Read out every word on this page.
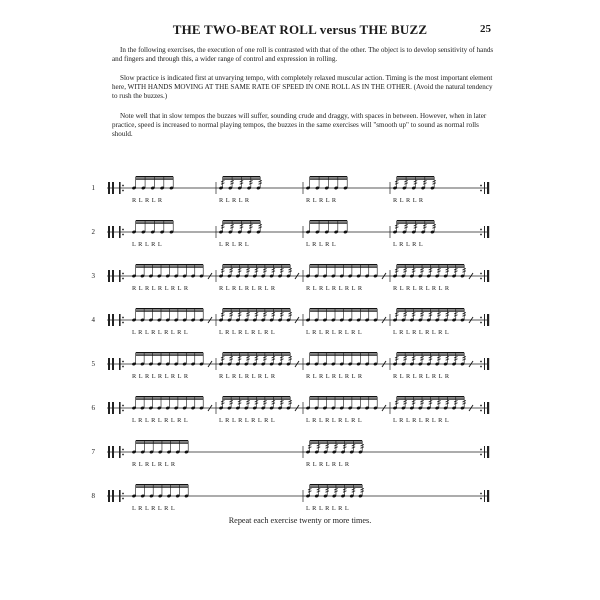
THE TWO-BEAT ROLL versus THE BUZZ	25

In the following exercises, the execution of one roll is contrasted with that of the other. The object is to develop sensitivity of hands and fingers and through this, a wider range of control and expression in rolling.

Slow practice is indicated first at unvarying tempo, with completely relaxed muscular action. Timing is the most important element here, WITH HANDS MOVING AT THE SAME RATE OF SPEED IN ONE ROLL AS IN THE OTHER. (Avoid the natural tendency to rush the buzzes.)

Note well that in slow tempos the buzzes will suffer, sounding crude and draggy, with spaces in between. However, when in later practice, speed is increased to normal playing tempos, the buzzes in the same exercises will "smooth up" to sound as normal rolls should.

1
R L R L R	R L R L R	R L R L R	R L R L R
2
L R L R L	L R L R L	L R L R L	L R L R L
3
R L R L R L R L R	R L R L R L R L R	R L R L R L R L R	R L R L R L R L R
4
L R L R L R L R L	L R L R L R L R L	L R L R L R L R L	L R L R L R L R L
5
R L R L R L R L R	R L R L R L R L R	R L R L R L R L R	R L R L R L R L R
6
L R L R L R L R L	L R L R L R L R L	L R L R L R L R L	L R L R L R L R L
7
R L R L R L R	R L R L R L R
8
L R L R L R L	L R L R L R L
Repeat each exercise twenty or more times.
